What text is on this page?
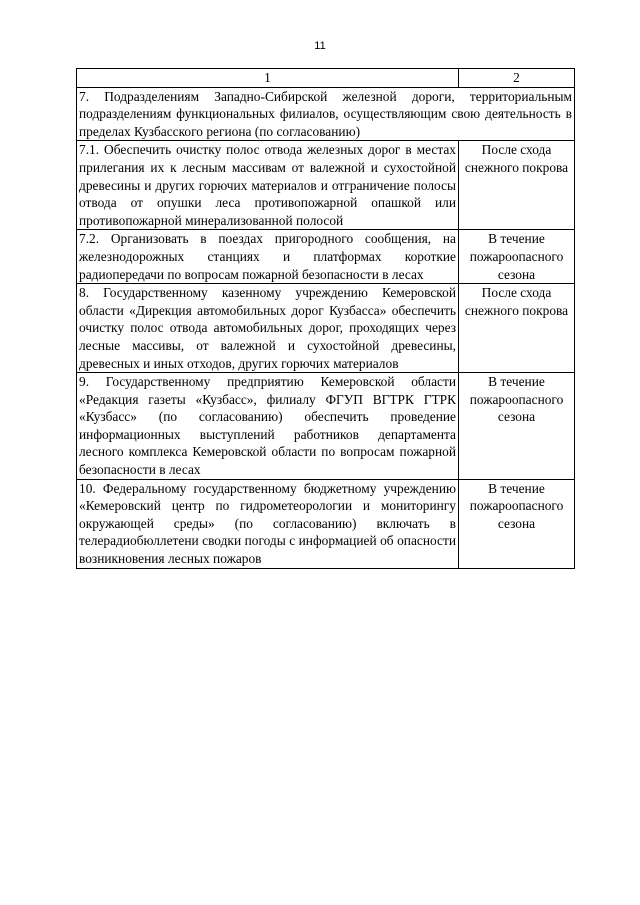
11
1	2
7. Подразделениям Западно-Сибирской железной дороги, территориальным подразделениям функциональных филиалов, осуществляющим свою деятельность в пределах Кузбасского региона (по согласованию)	
7.1. Обеспечить очистку полос отвода железных дорог в местах прилегания их к лесным массивам от валежной и сухостойной древесины и других горючих материалов и отграничение полосы отвода от опушки леса противопожарной опашкой или противопожарной минерализованной полосой	После схода снежного покрова
7.2. Организовать в поездах пригородного сообщения, на железнодорожных станциях и платформах короткие радиопередачи по вопросам пожарной безопасности в лесах	В течение пожароопасного сезона
8. Государственному казенному учреждению Кемеровской области «Дирекция автомобильных дорог Кузбасса» обеспечить очистку полос отвода автомобильных дорог, проходящих через лесные массивы, от валежной и сухостойной древесины, древесных и иных отходов, других горючих материалов	После схода снежного покрова
9. Государственному предприятию Кемеровской области «Редакция газеты «Кузбасс», филиалу ФГУП ВГТРК ГТРК «Кузбасс» (по согласованию) обеспечить проведение информационных выступлений работников департамента лесного комплекса Кемеровской области по вопросам пожарной безопасности в лесах	В течение пожароопасного сезона
10. Федеральному государственному бюджетному учреждению «Кемеровский центр по гидрометеорологии и мониторингу окружающей среды» (по согласованию) включать в телерадиобюллетени сводки погоды с информацией об опасности возникновения лесных пожаров	В течение пожароопасного сезона
